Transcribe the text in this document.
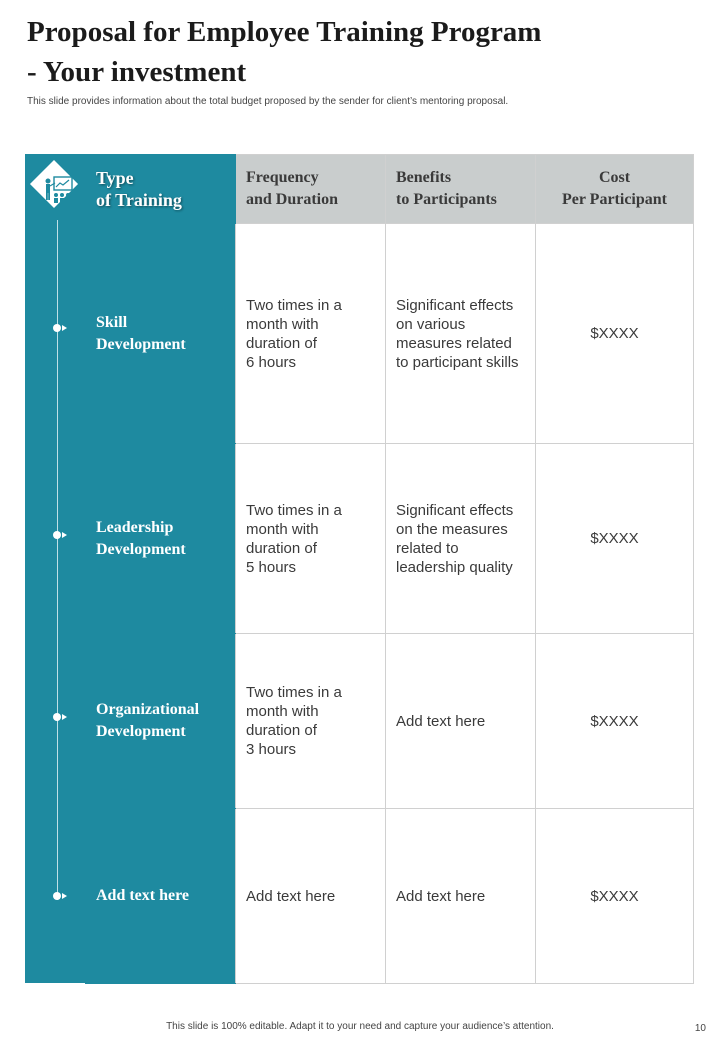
Proposal for Employee Training Program
- Your investment
This slide provides information about the total budget proposed by the sender for client’s mentoring proposal.
Type
of Training	Frequency
and Duration	Benefits
to Participants	Cost
Per Participant
Skill
Development	Two times in a
month with
duration of
6 hours	Significant effects
on various
measures related
to participant skills	$XXXX
Leadership
Development	Two times in a
month with
duration of
5 hours	Significant effects
on the measures
related to
leadership quality	$XXXX
Organizational
Development	Two times in a
month with
duration of
3 hours	Add text here	$XXXX
Add text here	Add text here	Add text here	$XXXX
This slide is 100% editable. Adapt it to your need and capture your audience’s attention.	10
